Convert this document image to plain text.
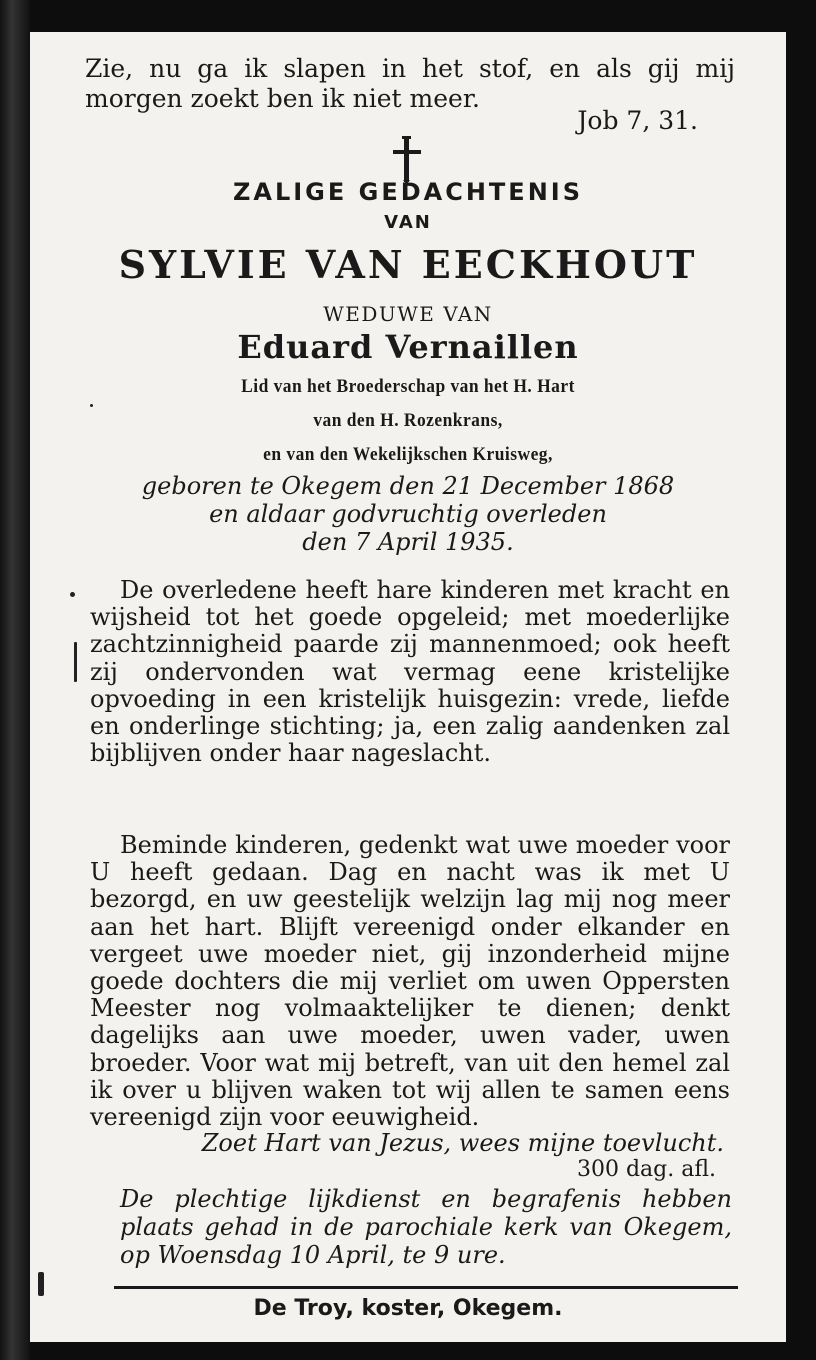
Zie, nu ga ik slapen in het stof, en als gij mij morgen zoekt ben ik niet meer.
Job 7, 31.
ZALIGE GEDACHTENIS
VAN
SYLVIE VAN EECKHOUT
WEDUWE VAN
Eduard Vernaillen
Lid van het Broederschap van het H. Hart
van den H. Rozenkrans,
en van den Wekelijkschen Kruisweg,
geboren te Okegem den 21 December 1868
en aldaar godvruchtig overleden
den 7 April 1935.
De overledene heeft hare kinderen met kracht en wijsheid tot het goede opgeleid; met moederlijke zachtzinnigheid paarde zij mannenmoed; ook heeft zij ondervonden wat vermag eene kristelijke opvoeding in een kristelijk huisgezin: vrede, liefde en onderlinge stichting; ja, een zalig aandenken zal bijblijven onder haar nageslacht.
Beminde kinderen, gedenkt wat uwe moeder voor U heeft gedaan. Dag en nacht was ik met U bezorgd, en uw geestelijk welzijn lag mij nog meer aan het hart. Blijft vereenigd onder elkander en vergeet uwe moeder niet, gij inzonderheid mijne goede dochters die mij verliet om uwen Oppersten Meester nog volmaaktelijker te dienen; denkt dagelijks aan uwe moeder, uwen vader, uwen broeder. Voor wat mij betreft, van uit den hemel zal ik over u blijven waken tot wij allen te samen eens vereenigd zijn voor eeuwigheid.
Zoet Hart van Jezus, wees mijne toevlucht.
300 dag. afl.
De plechtige lijkdienst en begrafenis hebben plaats gehad in de parochiale kerk van Okegem, op Woensdag 10 April, te 9 ure.
De Troy, koster, Okegem.
